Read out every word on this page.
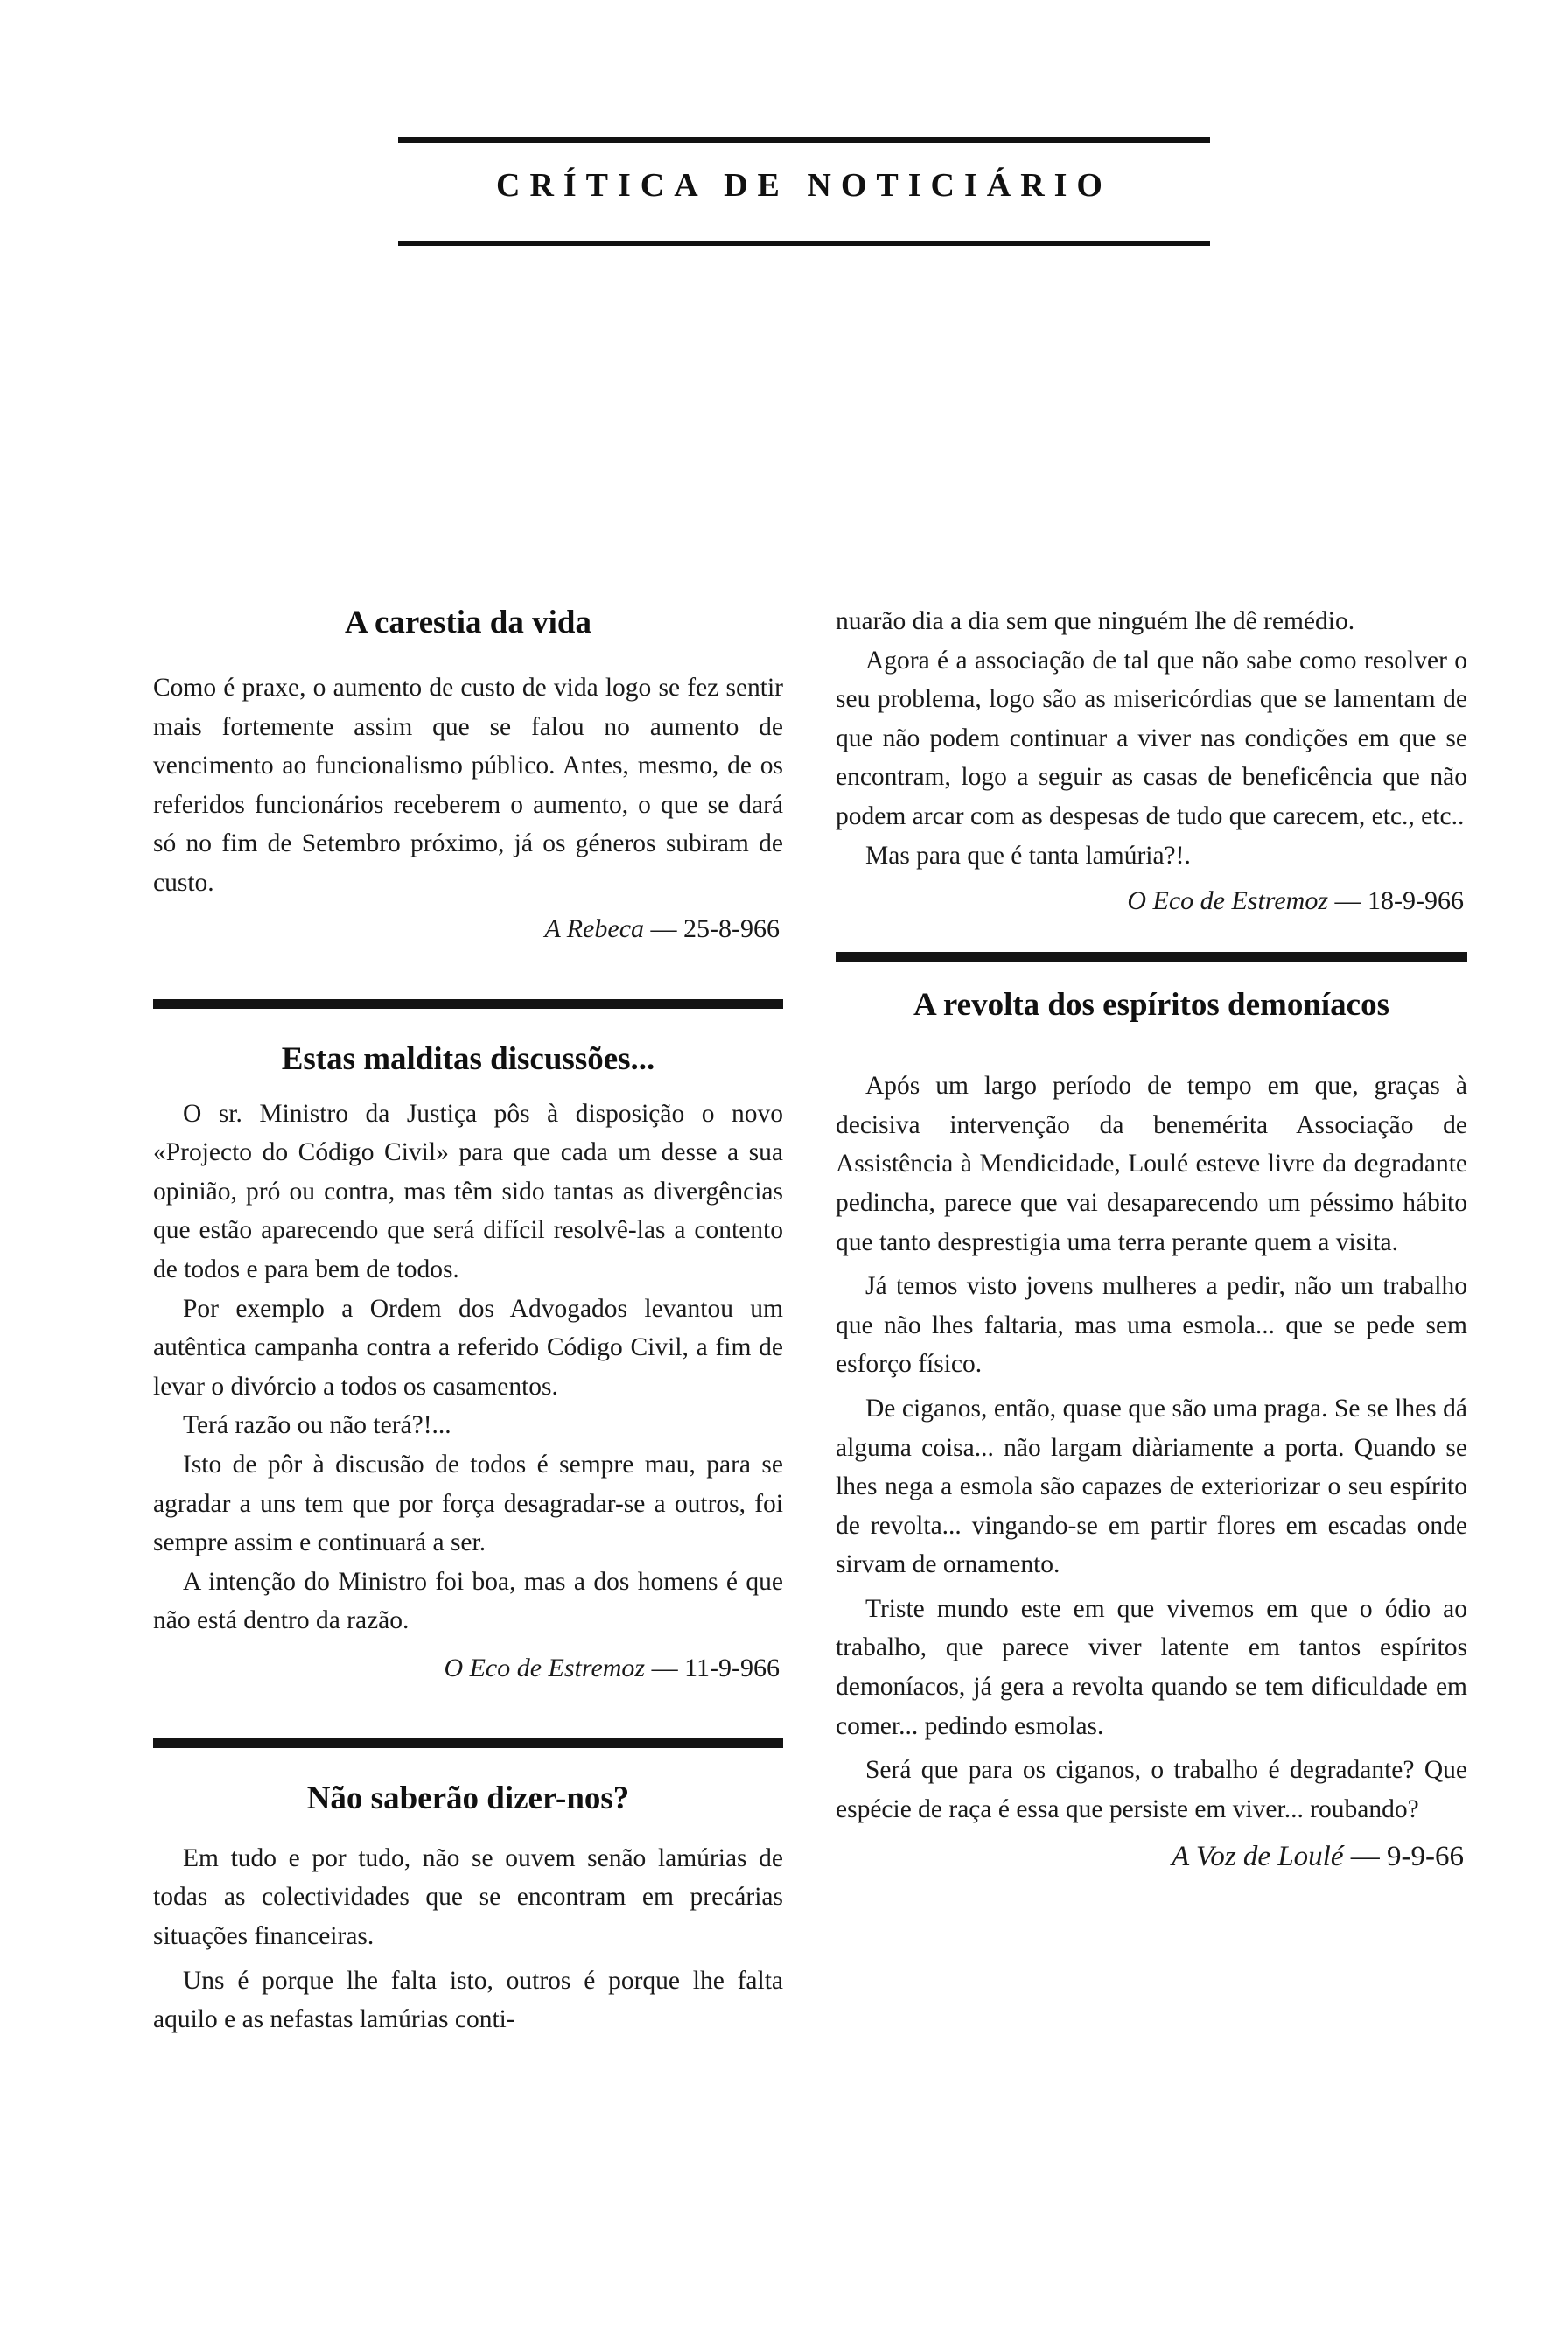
CRÍTICA DE NOTICIÁRIO
A carestia da vida

Como é praxe, o aumento de custo de vida logo se fez sentir mais fortemente assim que se falou no aumento de vencimento ao funcionalismo público. Antes, mesmo, de os referidos funcionários receberem o aumento, o que se dará só no fim de Setembro próximo, já os géneros subiram de custo.

A Rebeca — 25-8-966
Estas malditas discussões...

O sr. Ministro da Justiça pôs à disposição o novo «Projecto do Código Civil» para que cada um desse a sua opinião, pró ou contra, mas têm sido tantas as divergências que estão aparecendo que será difícil resolvê-las a contento de todos e para bem de todos.

Por exemplo a Ordem dos Advogados levantou um autêntica campanha contra a referido Código Civil, a fim de levar o divórcio a todos os casamentos.

Terá razão ou não terá?!...

Isto de pôr à discusão de todos é sempre mau, para se agradar a uns tem que por força desagradar-se a outros, foi sempre assim e continuará a ser.

A intenção do Ministro foi boa, mas a dos homens é que não está dentro da razão.

O Eco de Estremoz — 11-9-966
Não saberão dizer-nos?

Em tudo e por tudo, não se ouvem senão lamúrias de todas as colectividades que se encontram em precárias situações financeiras.

Uns é porque lhe falta isto, outros é porque lhe falta aquilo e as nefastas lamúrias conti-

nuarão dia a dia sem que ninguém lhe dê remédio.

Agora é a associação de tal que não sabe como resolver o seu problema, logo são as misericórdias que se lamentam de que não podem continuar a viver nas condições em que se encontram, logo a seguir as casas de beneficência que não podem arcar com as despesas de tudo que carecem, etc., etc..

Mas para que é tanta lamúria?!.

O Eco de Estremoz — 18-9-966
A revolta dos espíritos demoníacos

Após um largo período de tempo em que, graças à decisiva intervenção da benemérita Associação de Assistência à Mendicidade, Loulé esteve livre da degradante pedincha, parece que vai desaparecendo um péssimo hábito que tanto desprestigia uma terra perante quem a visita.

Já temos visto jovens mulheres a pedir, não um trabalho que não lhes faltaria, mas uma esmola... que se pede sem esforço físico.

De ciganos, então, quase que são uma praga. Se se lhes dá alguma coisa... não largam diàriamente a porta. Quando se lhes nega a esmola são capazes de exteriorizar o seu espírito de revolta... vingando-se em partir flores em escadas onde sirvam de ornamento.

Triste mundo este em que vivemos em que o ódio ao trabalho, que parece viver latente em tantos espíritos demoníacos, já gera a revolta quando se tem dificuldade em comer... pedindo esmolas.

Será que para os ciganos, o trabalho é degradante? Que espécie de raça é essa que persiste em viver... roubando?

A Voz de Loulé — 9-9-66
